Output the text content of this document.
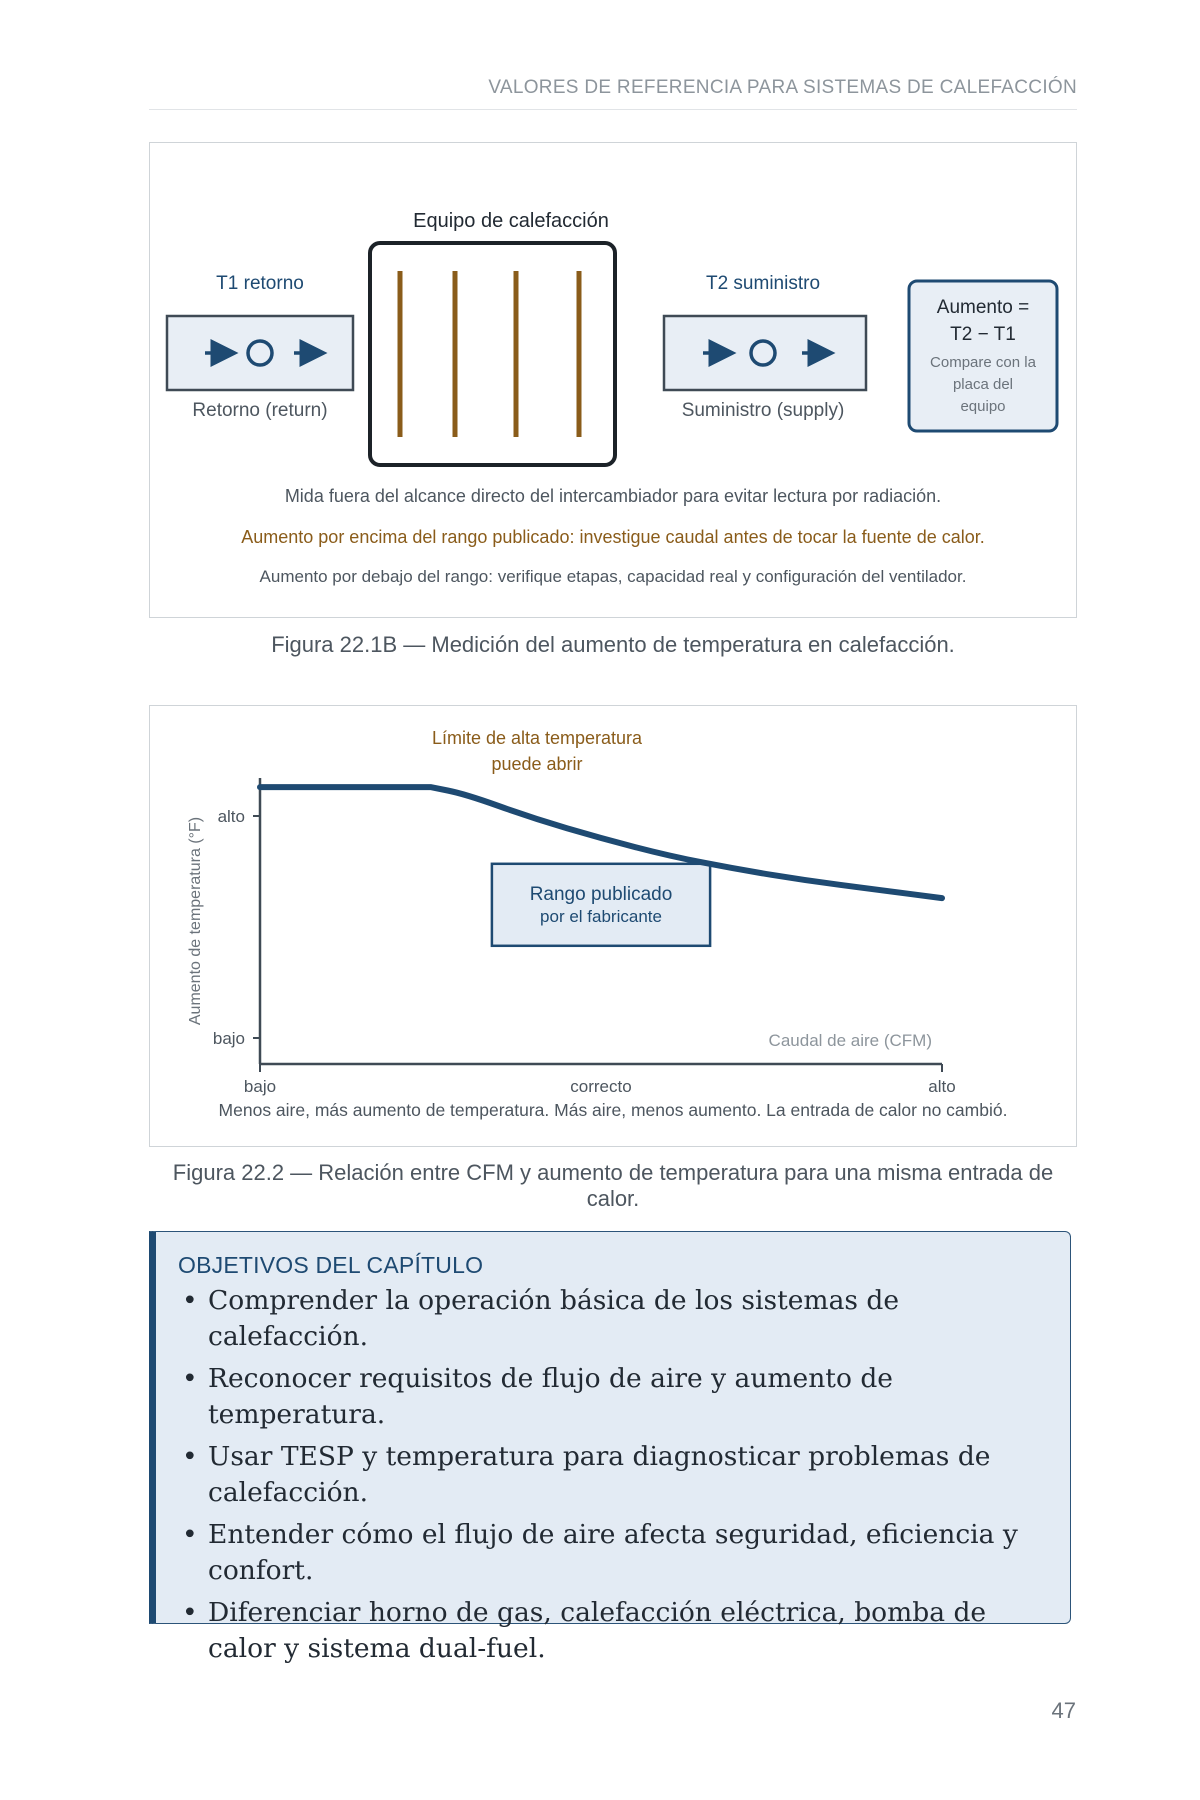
VALORES DE REFERENCIA PARA SISTEMAS DE CALEFACCIÓN
Equipo de calefacción
T1 retorno
Retorno (return)
T2 suministro
Suministro (supply)
Aumento =
T2 − T1
Compare con la
placa del
equipo
Mida fuera del alcance directo del intercambiador para evitar lectura por radiación.
Aumento por encima del rango publicado: investigue caudal antes de tocar la fuente de calor.
Aumento por debajo del rango: verifique etapas, capacidad real y configuración del ventilador.
Figura 22.1B — Medición del aumento de temperatura en calefacción.
Límite de alta temperatura
puede abrir
alto
bajo
bajo	correcto	alto
Aumento de temperatura (°F)
Caudal de aire (CFM)
Rango publicado
por el fabricante
Menos aire, más aumento de temperatura. Más aire, menos aumento. La entrada de calor no cambió.
Figura 22.2 — Relación entre CFM y aumento de temperatura para una misma entrada de calor.
OBJETIVOS DEL CAPÍTULO
• Comprender la operación básica de los sistemas de calefacción.
• Reconocer requisitos de flujo de aire y aumento de temperatura.
• Usar TESP y temperatura para diagnosticar problemas de calefacción.
• Entender cómo el flujo de aire afecta seguridad, eficiencia y confort.
• Diferenciar horno de gas, calefacción eléctrica, bomba de calor y sistema dual-fuel.
47
